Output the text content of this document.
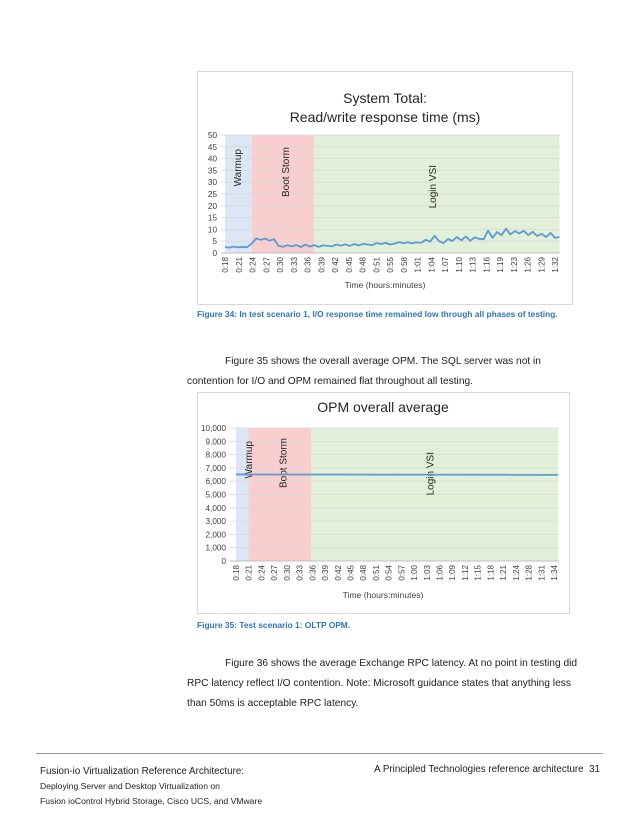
0
5
10
15
20
25
30
35
40
45
50
Warmup	Boot Storm	Login VSI
0:18 0:21 0:24 0:27 0:30 0:33 0:36 0:39 0:42 0:45 0:48 0:51 0:55 0:58 1:01 1:04 1:07 1:10 1:13 1:16 1:19 1:23 1:26 1:29 1:32
System Total:
Read/write response time (ms)
Time (hours:minutes)
Figure 34: In test scenario 1, I/O response time remained low through all phases of testing.
Figure 35 shows the overall average OPM. The SQL server was not in contention for I/O and OPM remained flat throughout all testing.
0
1,000
2,000
3,000
4,000
5,000
6,000
7,000
8,000
9,000
10,000
Warmup Boot Storm	Login VSI
0:18 0:21 0:24 0:27 0:30 0:33 0:36 0:39 0:42 0:45 0:48 0:51 0:54 0:57 1:00 1:03 1:06 1:09 1:12 1:15 1:18 1:21 1:24 1:28 1:31 1:34
OPM overall average
Time (hours:minutes)
Figure 35: Test scenario 1: OLTP OPM.
Figure 36 shows the average Exchange RPC latency. At no point in testing did RPC latency reflect I/O contention. Note: Microsoft guidance states that anything less than 50ms is acceptable RPC latency.
Fusion-io Virtualization Reference Architecture:
Deploying Server and Desktop Virtualization on
Fusion ioControl Hybrid Storage, Cisco UCS, and VMware
A Principled Technologies reference architecture 31
